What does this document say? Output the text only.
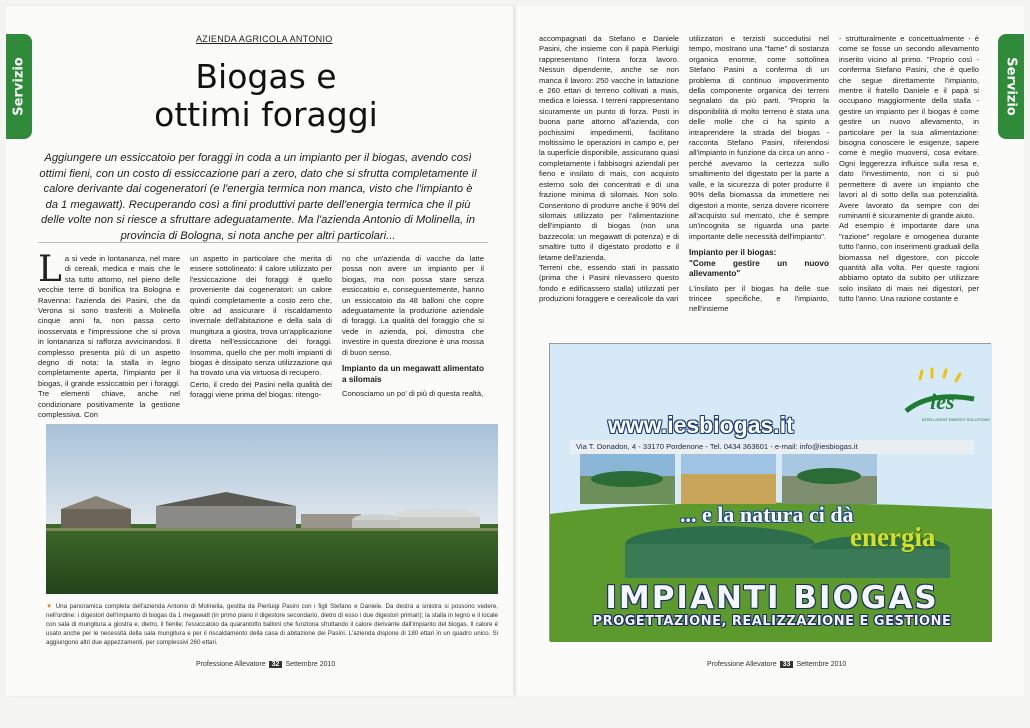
Servizio
AZIENDA AGRICOLA ANTONIO
Biogas e
ottimi foraggi
Aggiungere un essiccatoio per foraggi in coda a un impianto per il biogas, avendo così ottimi fieni, con un costo di essiccazione pari a zero, dato che si sfrutta completamente il calore derivante dai cogeneratori (e l'energia termica non manca, visto che l'impianto è da 1 megawatt). Recuperando così a fini produttivi parte dell'energia termica che il più delle volte non si riesce a sfruttare adeguatamente. Ma l'azienda Antonio di Molinella, in provincia di Bologna, si nota anche per altri particolari...
L a si vede in lontananza, nel mare di cereali, medica e mais che le sta tutto attorno, nel pieno delle vecchie terre di bonifica tra Bologna e Ravenna: l'azienda dei Pasini, che da Verona si sono trasferiti a Molinella cinque anni fa, non passa certo inosservata e l'impressione che si prova in lontananza si rafforza avvicinandosi. Il complesso presenta più di un aspetto degno di nota: la stalla in legno completamente aperta, l'impianto per il biogas, il grande essiccatoio per i foraggi. Tre elementi chiave, anche nel condizionare positivamente la gestione complessiva. Con

un aspetto in particolare che merita di essere sottolineato: il calore utilizzato per l'essiccazione dei foraggi è quello proveniente dai cogeneratori: un calore quindi completamente a costo zero che, oltre ad assicurare il riscaldamento invernale dell'abitazione e della sala di mungitura a giostra, trova un'applicazione diretta nell'essiccazione dei foraggi. Insomma, quello che per molti impianti di biogas è dissipato senza utilizzazione qui ha trovato una via virtuosa di recupero.

Certo, il credo dei Pasini nella qualità dei foraggi viene prima del biogas: ritengo-

no che un'azienda di vacche da latte possa non avere un impianto per il biogas, ma non possa stare senza essiccatoio e, conseguentemente, hanno un essiccatoio da 48 balloni che copre adeguatamente la produzione aziendale di foraggi. La qualità del foraggio che si vede in azienda, poi, dimostra che investire in questa direzione è una mossa di buon senso.

Impianto da un megawatt alimentato a silomais

Conosciamo un po' di più di questa realtà,

▼ Una panoramica completa dell'azienda Antonio di Molinella, gestita da Pierluigi Pasini con i figli Stefano e Daniele. Da destra a sinistra si possono vedere, nell'ordine: i digestori dell'impianto di biogas da 1 megawatt (in primo piano il digestore secondario, dietro di esso i due digestori primari); la stalla in legno e il locale con sala di mungitura a giostra e, dietro, il fienile; l'essiccatoio da quarantotto balloni che funziona sfruttando il calore derivante dall'impianto del biogas. Il calore è usato anche per le necessità della sala mungitura e per il riscaldamento della casa di abitazione dei Pasini. L'azienda dispone di 180 ettari in un quadro unico. Si aggiungono altri due appezzamenti, per complessivi 260 ettari.
Professione Allevatore 32 Settembre 2010
Servizio

accompagnati da Stefano e Daniele Pasini, che insieme con il papà Pierluigi rappresentano l'intera forza lavoro. Nessun dipendente, anche se non manca il lavoro: 250 vacche in lattazione e 260 ettari di terreno coltivati a mais, medica e loiessa. I terreni rappresentano sicuramente un punto di forza. Posti in buona parte attorno all'azienda, con pochissimi impedimenti, facilitano moltissimo le operazioni in campo e, per la superficie disponibile, assicurano quasi completamente i fabbisogni aziendali per fieno e insilato di mais, con acquisto esterno solo dei concentrati e di una frazione minima di silomais. Non solo. Consentono di produrre anche il 90% del silomais utilizzato per l'alimentazione dell'impianto di biogas (non una bazzecola: un megawatt di potenza) e di smaltire tutto il digestato prodotto e il letame dell'azienda.

Terreni che, essendo stati in passato (prima che i Pasini rilevassero questo fondo e edificassero stalla) utilizzati per produzioni foraggere e cerealicole da vari

utilizzatori e terzisti succedutisi nel tempo, mostrano una "fame" di sostanza organica enorme, come sottolinea Stefano Pasini a conferma di un problema di continuo impoverimento della componente organica dei terreni segnalato da più parti. "Proprio la disponibilità di molto terreno è stata una delle molle che ci ha spinto a intraprendere la strada del biogas - racconta Stefano Pasini, riferendosi all'impianto in funzione da circa un anno - perché avevamo la certezza sullo smaltimento del digestato per la parte a valle, e la sicurezza di poter produrre il 90% della biomassa da immettere nei digestori a monte, senza dovere ricorrere all'acquisto sul mercato, che è sempre un'incognita se riguarda una parte importante delle necessità dell'impianto".

Impianto per il biogas:
"Come gestire un nuovo allevamento"

L'insilato per il biogas ha delle sue trincee specifiche, e l'impianto, nell'insieme

- strutturalmente e concettualmente - è come se fosse un secondo allevamento inserito vicino al primo. "Proprio così - conferma Stefano Pasini, che è quello che segue direttamente l'impianto, mentre il fratello Daniele e il papà si occupano maggiormente della stalla - gestire un impianto per il biogas è come gestire un nuovo allevamento, in particolare per la sua alimentazione: bisogna conoscere le esigenze, sapere come è meglio muoversi, cosa evitare. Ogni leggerezza influisce sulla resa e, dato l'investimento, non ci si può permettere di avere un impianto che lavori al di sotto della sua potenzialità. Avere lavorato da sempre con dei ruminanti è sicuramente di grande aiuto.

Ad esempio è importante dare una "razione" regolare e omogenea durante tutto l'anno, con inserimenti graduali della biomassa nel digestore, con piccole quantità alla volta. Per queste ragioni abbiamo optato da subito per utilizzare solo insilato di mais nei digestori, per tutto l'anno. Una razione costante e

ies
INTELLIGENT ENERGY SOLUTIONS
www.iesbiogas.it
Via T. Donadon, 4 - 33170 Pordenone - Tel. 0434 363601 - e-mail: info@iesbiogas.it
... e la natura ci dà
energia
IMPIANTI BIOGAS
PROGETTAZIONE, REALIZZAZIONE E GESTIONE
Professione Allevatore 33 Settembre 2010
